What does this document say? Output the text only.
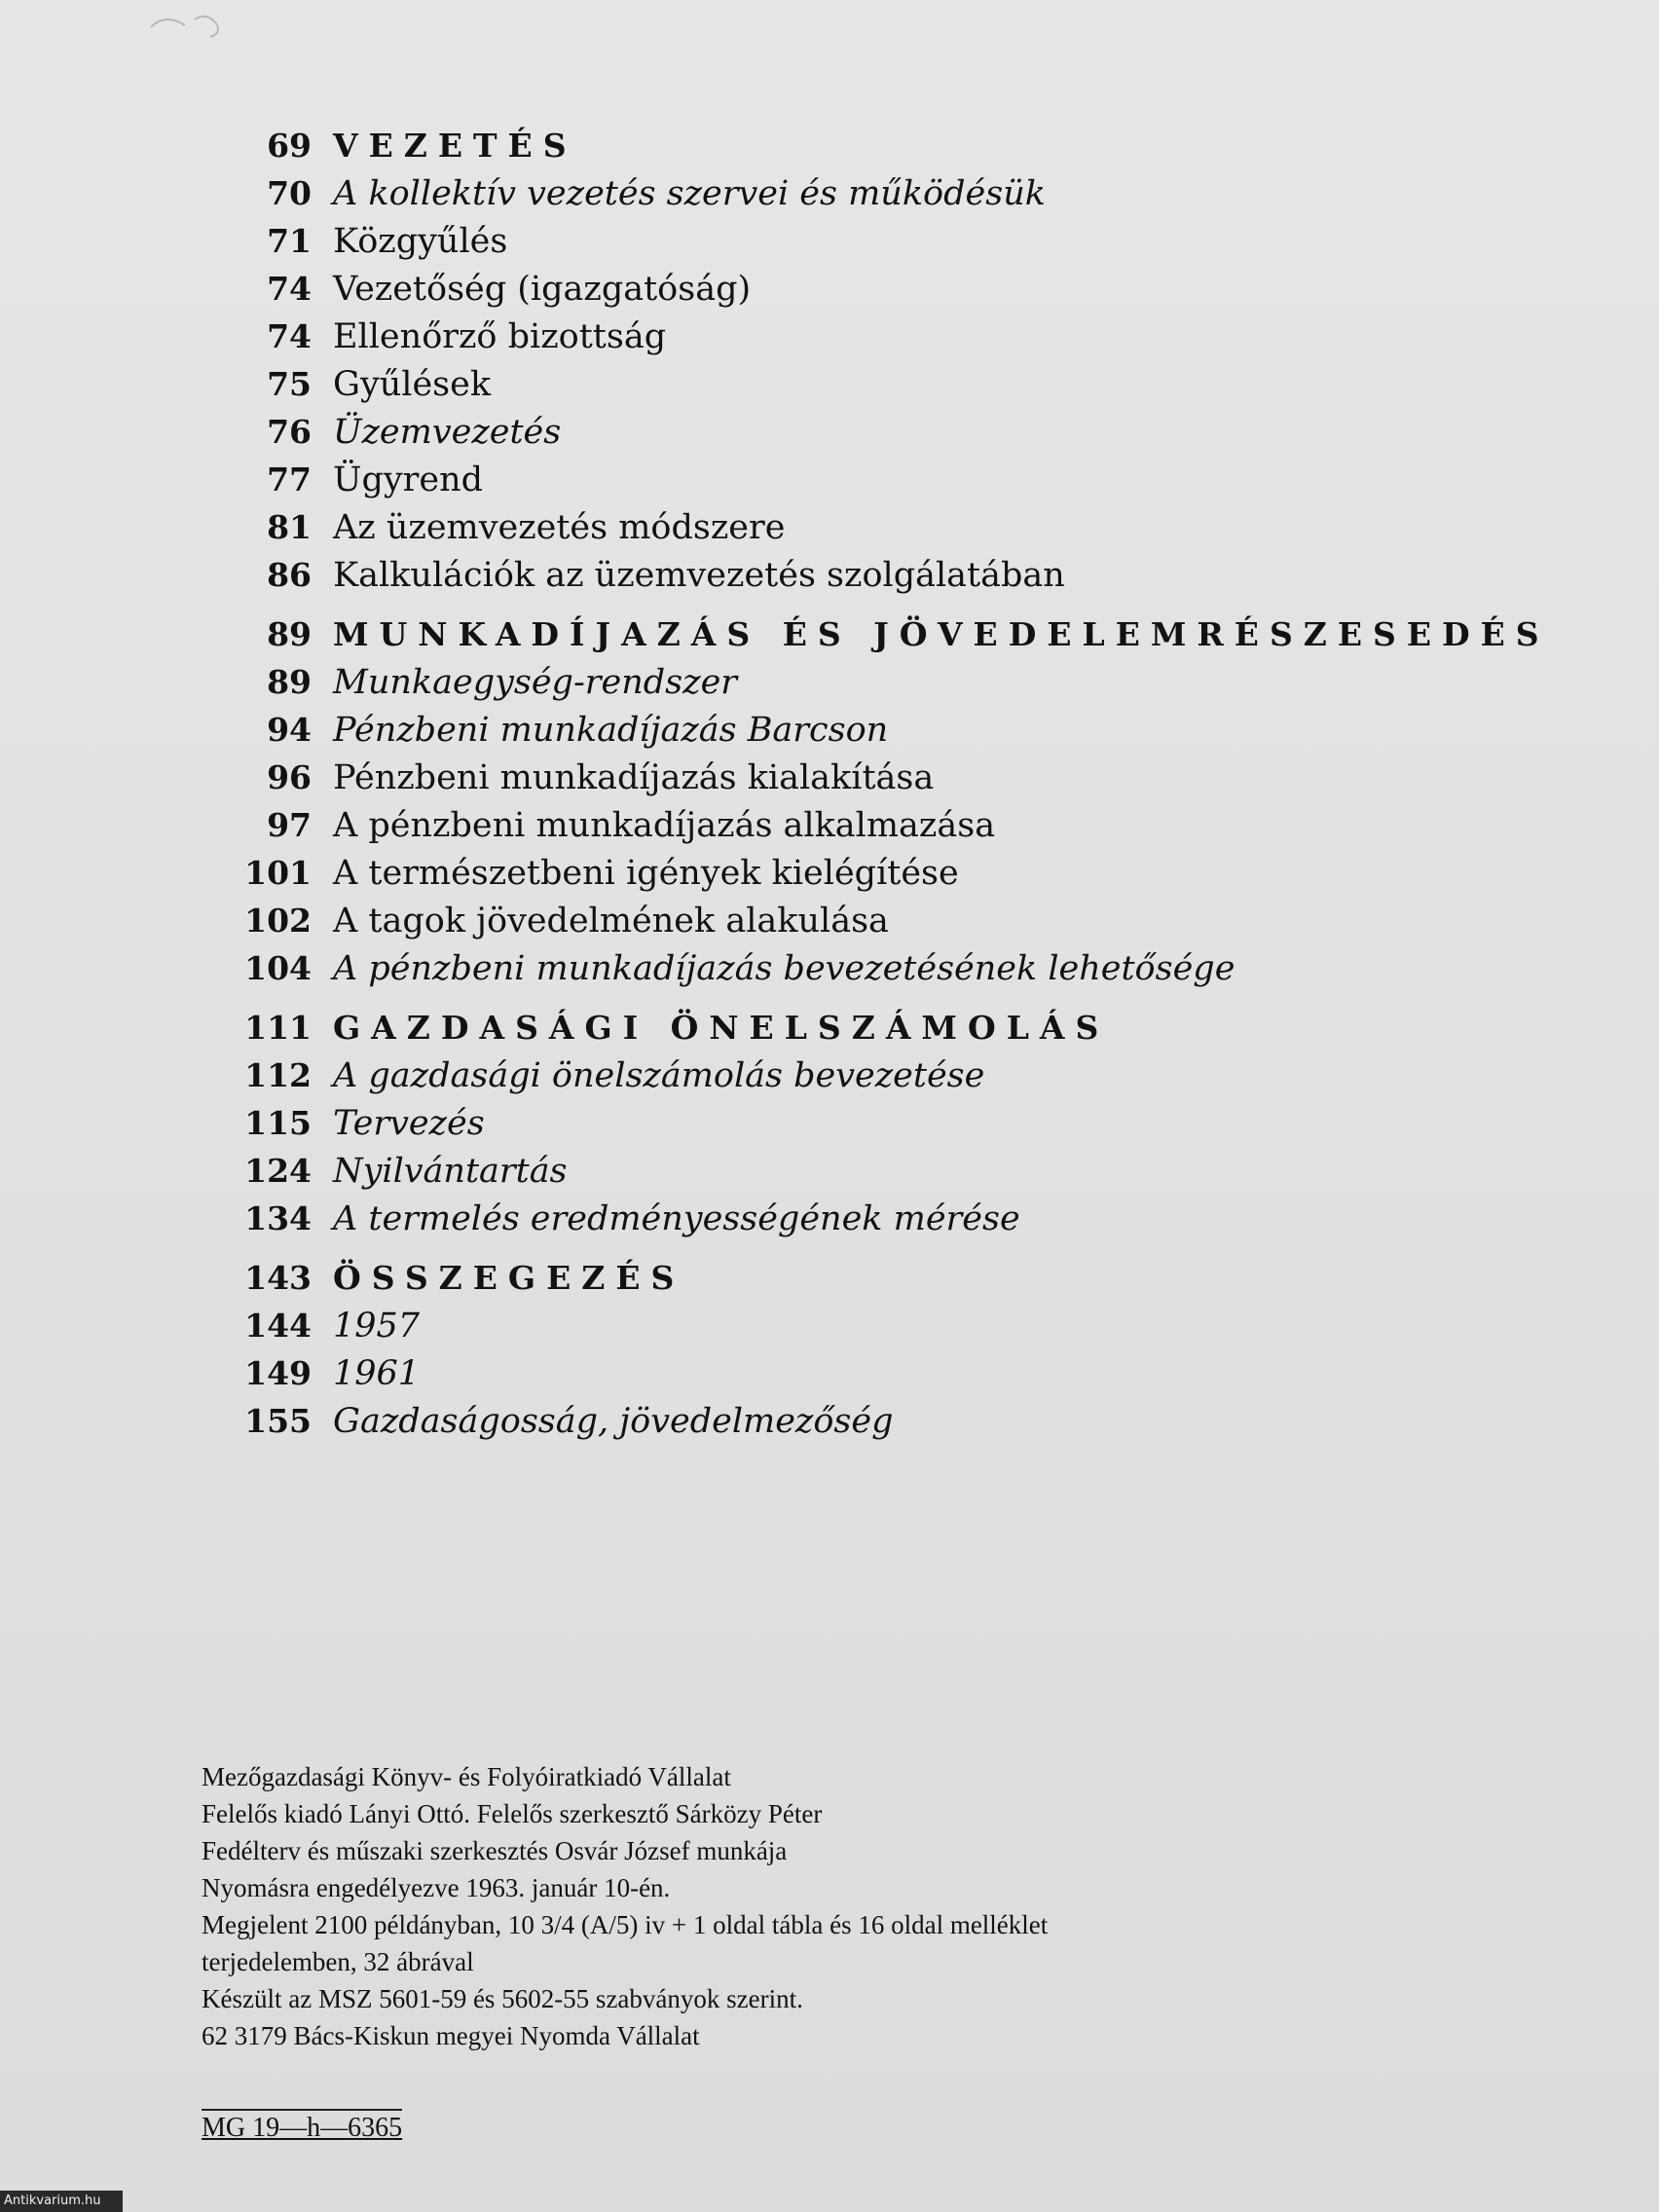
69 VEZETÉS
70 A kollektív vezetés szervei és működésük
71 Közgyűlés
74 Vezetőség (igazgatóság)
74 Ellenőrző bizottság
75 Gyűlések
76 Üzemvezetés
77 Ügyrend
81 Az üzemvezetés módszere
86 Kalkulációk az üzemvezetés szolgálatában
89 MUNKADÍJAZÁS ÉS JÖVEDELEMRÉSZESEDÉS
89 Munkaegység-rendszer
94 Pénzbeni munkadíjazás Barcson
96 Pénzbeni munkadíjazás kialakítása
97 A pénzbeni munkadíjazás alkalmazása
101 A természetbeni igények kielégítése
102 A tagok jövedelmének alakulása
104 A pénzbeni munkadíjazás bevezetésének lehetősége
111 GAZDASÁGI ÖNELSZÁMOLÁS
112 A gazdasági önelszámolás bevezetése
115 Tervezés
124 Nyilvántartás
134 A termelés eredményességének mérése
143 ÖSSZEGEZÉS
144 1957
149 1961
155 Gazdaságosság, jövedelmezőség
Mezőgazdasági Könyv- és Folyóiratkiadó Vállalat
Felelős kiadó Lányi Ottó. Felelős szerkesztő Sárközy Péter
Fedélterv és műszaki szerkesztés Osvár József munkája
Nyomásra engedélyezve 1963. január 10-én.
Megjelent 2100 példányban, 10 3/4 (A/5) iv + 1 oldal tábla és 16 oldal melléklet
terjedelemben, 32 ábrával
Készült az MSZ 5601-59 és 5602-55 szabványok szerint.
62 3179 Bács-Kiskun megyei Nyomda Vállalat
MG 19—h—6365
Antikvarium.hu
